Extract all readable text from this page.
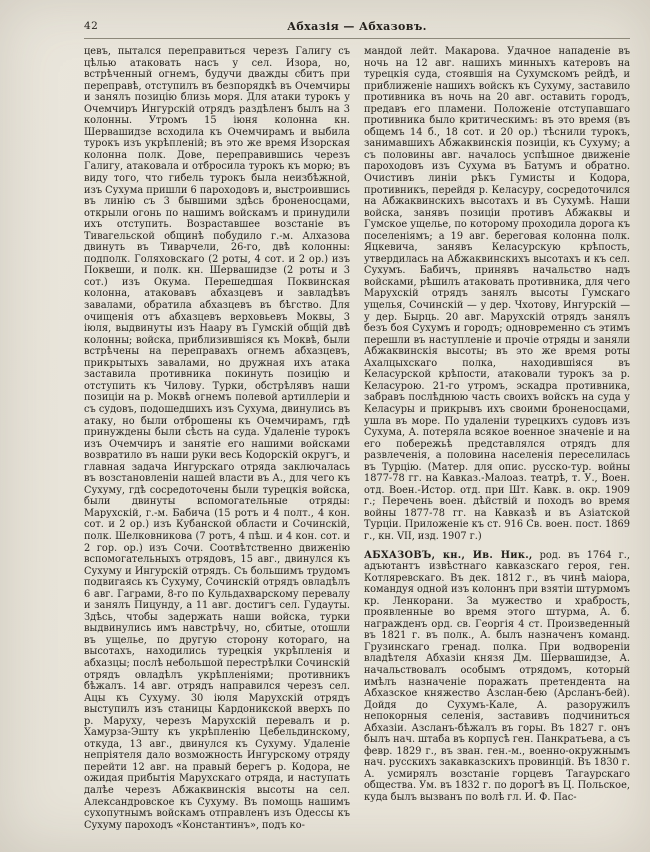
42	Абхазія — Абхазовъ.

цевъ, пытался переправиться черезъ Галигу съ цѣлью атаковать насъ у сел. Изора, но, встрѣченный огнемъ, будучи дважды сбитъ при переправѣ, отступилъ въ безпорядкѣ въ Очемчиры и занялъ позицію близь моря. Для атаки турокъ у Очемчиръ Ингурскій отрядъ раздѣленъ былъ на 3 колонны. Утромъ 15 іюня колонна кн. Шервашидзе всходила къ Очемчирамъ и выбила турокъ изъ укрѣпленій; въ это же время Изорская колонна полк. Дове, переправившись черезъ Галигу, атаковала и отбросила турокъ къ морю; въ виду того, что гибель турокъ была неизбѣжной, изъ Сухума пришли 6 пароходовъ и, выстроившись въ линію съ 3 бывшими здѣсь броненосцами, открыли огонь по нашимъ войскамъ и принудили ихъ отступить. Возраставшее возстаніе въ Тивагельской общинѣ побудило г.-м. Алхазова двинуть въ Тиварчели, 26-го, двѣ колонны: подполк. Голяховскаго (2 роты, 4 сот. и 2 ор.) изъ Поквеши, и полк. кн. Шервашидзе (2 роты и 3 сот.) изъ Окума. Перешедшая Поквинская колонна, атаковавъ абхазцевъ и завладѣвъ завалами, обратила абхазцевъ въ бѣгство. Для очищенія отъ абхазцевъ верховьевъ Моквы, 3 іюля, выдвинуты изъ Наару въ Гумскій общій двѣ колонны; войска, приблизившіяся къ Моквѣ, были встрѣчены на переправахъ огнемъ абхазцевъ, прикрытыхъ завалами, но дружная ихъ атака заставила противника покинуть позицію и отступить къ Чилову. Турки, обстрѣлявъ наши позиціи на р. Моквѣ огнемъ полевой артиллеріи и съ судовъ, подошедшихъ изъ Сухума, двинулись въ атаку, но были отброшены къ Очемчирамъ, гдѣ принуждены были сѣсть на суда. Удаленіе турокъ изъ Очемчиръ и занятіе его нашими войсками возвратило въ наши руки весь Кодорскій округъ, и главная задача Ингурскаго отряда заключалась въ возстановленіи нашей власти въ А., для чего къ Сухуму, гдѣ сосредоточены были турецкія войска, были двинуты вспомогательные отряды: Марухскій, г.-м. Бабича (15 ротъ и 4 полт., 4 кон. сот. и 2 ор.) изъ Кубанской области и Сочинскій, полк. Шелковникова (7 ротъ, 4 пѣш. и 4 кон. сот. и 2 гор. ор.) изъ Сочи. Соотвѣтственно движенію вспомогательныхъ отрядовъ, 15 авг., двинулся къ Сухуму и Ингурскій отрядъ. Съ большимъ трудомъ подвигаясь къ Сухуму, Сочинскій отрядъ овладѣлъ 6 авг. Гаграми, 8-го по Кульдахварскому перевалу и занялъ Пицунду, а 11 авг. достигъ сел. Гудауты. Здѣсь, чтобы задержать наши войска, турки выдвинулись имъ навстрѣчу, но, сбитые, отошли въ ущелье, по другую сторону котораго, на высотахъ, находились турецкія укрѣпленія и абхазцы; послѣ небольшой перестрѣлки Сочинскій отрядъ овладѣлъ укрѣпленіями; противникъ бѣжалъ. 14 авг. отрядъ направился черезъ сел. Ацы къ Сухуму. 30 іюля Марухскій отрядъ выступилъ изъ станицы Кардоникской вверхъ по р. Маруху, черезъ Марухскій перевалъ и р. Хамурза-Эшту къ укрѣпленію Цебельдинскому, откуда, 13 авг., двинулся къ Сухуму. Удаленіе непріятеля дало возможность Ингурскому отряду перейти 12 авг. на правый берегъ р. Кодора, не ожидая прибытія Марухскаго отряда, и наступать далѣе черезъ Абжаквинскія высоты на сел. Александровское къ Сухуму. Въ помощь нашимъ сухопутнымъ войскамъ отправленъ изъ Одессы къ Сухуму пароходъ «Константинъ», подъ ко-

мандой лейт. Макарова. Удачное нападеніе въ ночь на 12 авг. нашихъ минныхъ катеровъ на турецкія суда, стоявшія на Сухумскомъ рейдѣ, и приближеніе нашихъ войскъ къ Сухуму, заставило противника въ ночь на 20 авг. оставить городъ, предавъ его пламени. Положеніе отступавшаго противника было критическимъ: въ это время (въ общемъ 14 б., 18 сот. и 20 ор.) тѣснили турокъ, занимавшихъ Абжаквинскія позиціи, къ Сухуму; а съ половины авг. началось успѣшное движеніе пароходовъ изъ Сухума въ Батумъ и обратно. Очистивъ линіи рѣкъ Гумисты и Кодора, противникъ, перейдя р. Келасуру, сосредоточился на Абжаквинскихъ высотахъ и въ Сухумѣ. Наши войска, занявъ позиціи противъ Абжаквы и Гумское ущелье, по которому проходила дорога къ поселеніямъ; а 19 авг. береговая колонна полк. Яцкевича, занявъ Келасурскую крѣпость, утвердилась на Абжаквинскихъ высотахъ и къ сел. Сухумъ. Бабичъ, принявъ начальство надъ войсками, рѣшилъ атаковать противника, для чего Марухскій отрядъ занялъ высоты Гумскаго ущелья, Сочинскій — у дер. Чхотову, Ингурскій — у дер. Бырць. 20 авг. Марухскій отрядъ занялъ безъ боя Сухумъ и городъ; одновременно съ этимъ перешли въ наступленіе и прочіе отряды и заняли Абжаквинскія высоты; въ это же время роты Ахалцыхскаго полка, находившіяся въ Келасурской крѣпости, атаковали турокъ за р. Келасурою. 21-го утромъ, эскадра противника, забравъ послѣднюю часть своихъ войскъ на суда у Келасуры и прикрывъ ихъ своими броненосцами, ушла въ море. По удаленіи турецкихъ судовъ изъ Сухума, А. потеряла всякое военное значеніе и на его побережьѣ представлялся отрядъ для развлеченія, а половина населенія переселилась въ Турцію. (Матер. для опис. русско-тур. войны 1877-78 гг. на Кавказ.-Малоаз. театрѣ, т. У., Воен. отд. Воен.-Истор. отд. при Шт. Кавк. в. окр. 1909 г.; Перечень воен. дѣйствій и походъ во время войны 1877-78 гг. на Кавказѣ и въ Азіатской Турціи. Приложеніе къ ст. 916 Св. воен. пост. 1869 г., кн. VII, изд. 1907 г.)

АБХАЗОВЪ, кн., Ив. Ник., род. въ 1764 г., адъютантъ извѣстнаго кавказскаго героя, ген. Котляревскаго. Въ дек. 1812 г., въ чинѣ маіора, командуя одной изъ колоннъ при взятіи штурмомъ кр. Ленкорани. За мужество и храбрость, проявленные во время этого штурма, А. б. награжденъ орд. св. Георгія 4 ст. Произведенный въ 1821 г. въ полк., А. былъ назначенъ команд. Грузинскаго гренад. полка. При водвореніи владѣтеля Абхазіи князя Дм. Шервашидзе, А. начальствовалъ особымъ отрядомъ, который имѣлъ назначеніе поражать претендента на Абхазское княжество Азслан-бею (Арсланъ-бей). Дойдя до Сухумъ-Кале, А. разоружилъ непокорныя селенія, заставивъ подчиниться Абхазіи. Азсланъ-бѣжалъ въ горы. Въ 1827 г. онъ былъ нач. штаба въ корпусѣ ген. Панкратьева, а съ февр. 1829 г., въ зван. ген.-м., военно-окружнымъ нач. русскихъ закавказскихъ провинцій. Въ 1830 г. А. усмирялъ возстаніе горцевъ Тагаурскаго общества. Ум. въ 1832 г. по дорогѣ въ Ц. Польское, куда былъ вызванъ по волѣ гл. И. Ф. Пас-
